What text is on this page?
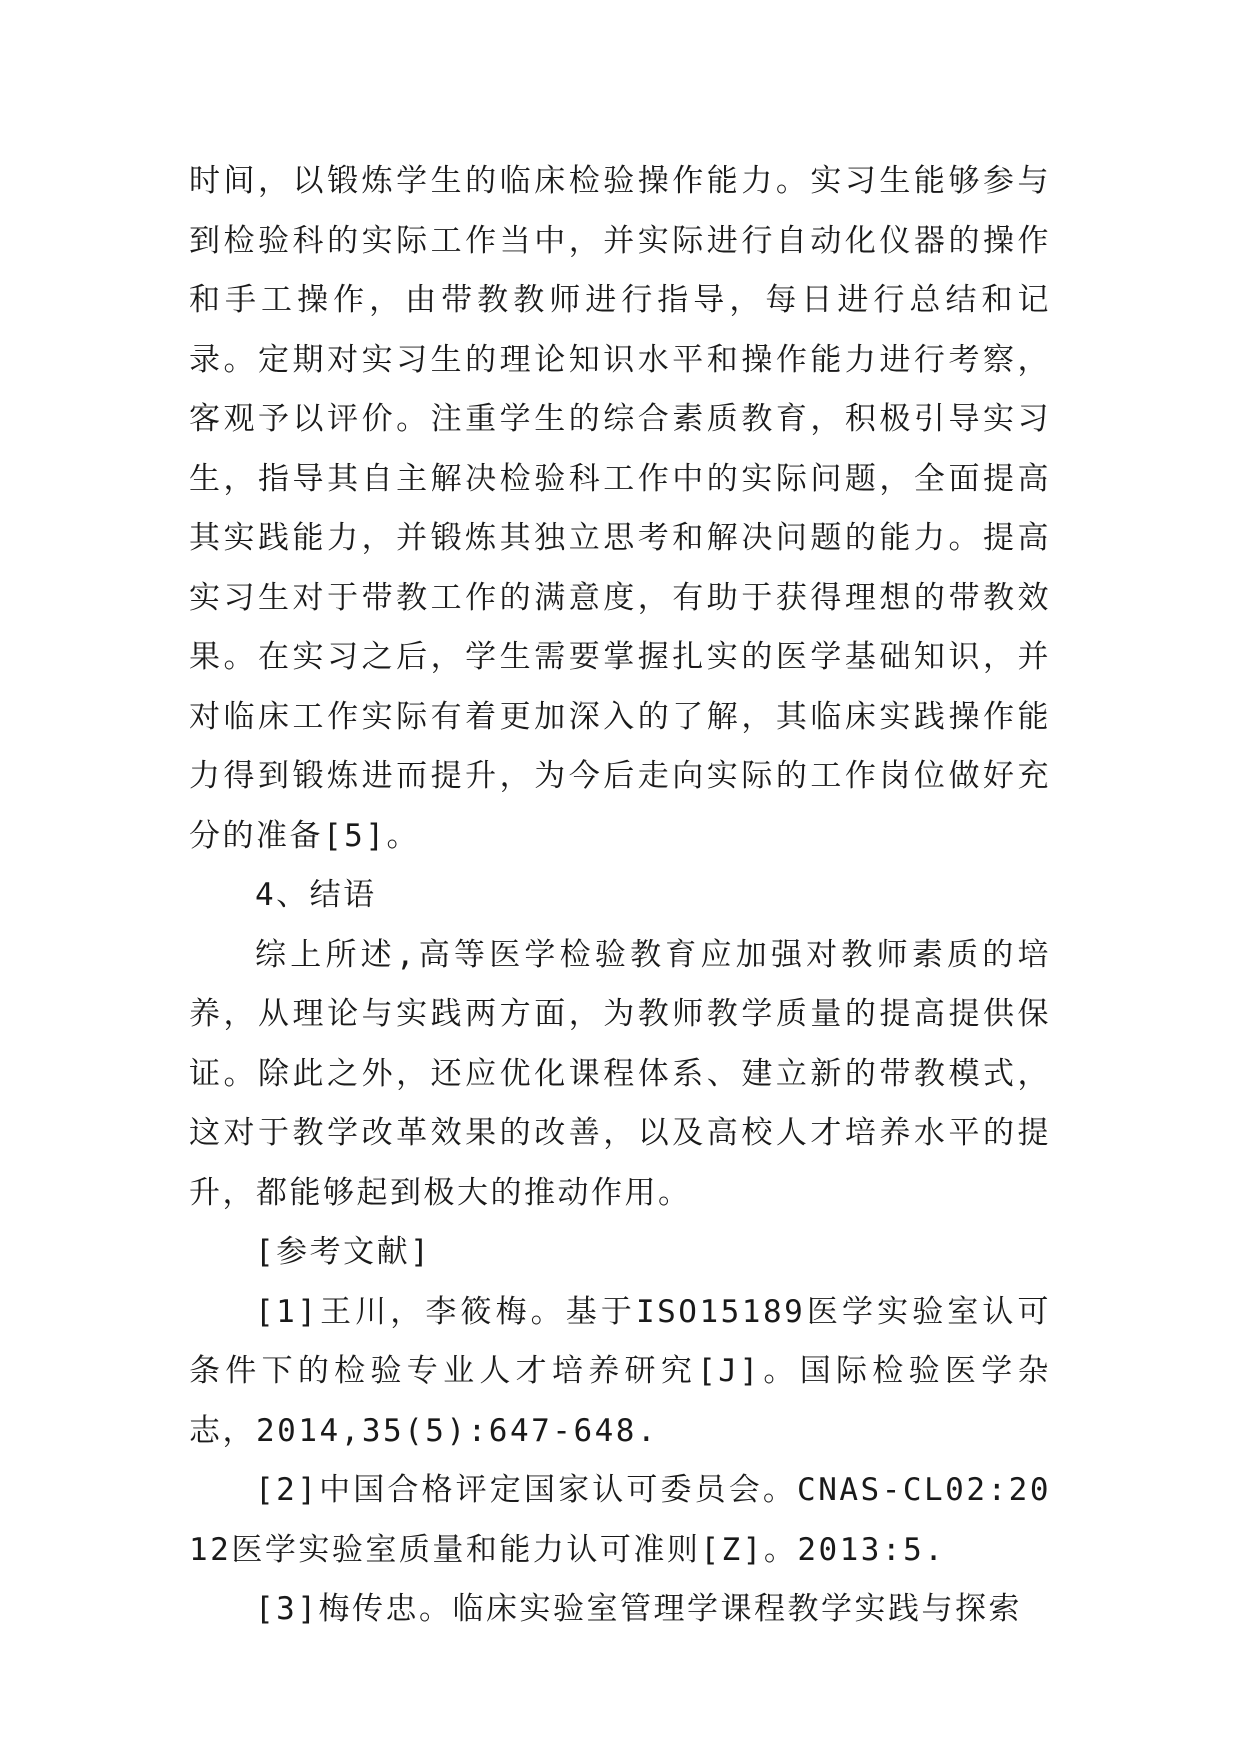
时间，以锻炼学生的临床检验操作能力。实习生能够参与到检验科的实际工作当中，并实际进行自动化仪器的操作和手工操作，由带教教师进行指导，每日进行总结和记录。定期对实习生的理论知识水平和操作能力进行考察，客观予以评价。注重学生的综合素质教育，积极引导实习生，指导其自主解决检验科工作中的实际问题，全面提高其实践能力，并锻炼其独立思考和解决问题的能力。提高实习生对于带教工作的满意度，有助于获得理想的带教效果。在实习之后，学生需要掌握扎实的医学基础知识，并对临床工作实际有着更加深入的了解，其临床实践操作能力得到锻炼进而提升，为今后走向实际的工作岗位做好充分的准备[5]。

4、结语

综上所述,高等医学检验教育应加强对教师素质的培养，从理论与实践两方面，为教师教学质量的提高提供保证。除此之外，还应优化课程体系、建立新的带教模式，这对于教学改革效果的改善，以及高校人才培养水平的提升，都能够起到极大的推动作用。

[参考文献]

[1]王川，李筱梅。基于ISO15189医学实验室认可条件下的检验专业人才培养研究[J]。国际检验医学杂志，2014,35(5):647-648.

[2]中国合格评定国家认可委员会。CNAS-CL02:2012医学实验室质量和能力认可准则[Z]。2013:5.

[3]梅传忠。临床实验室管理学课程教学实践与探索
